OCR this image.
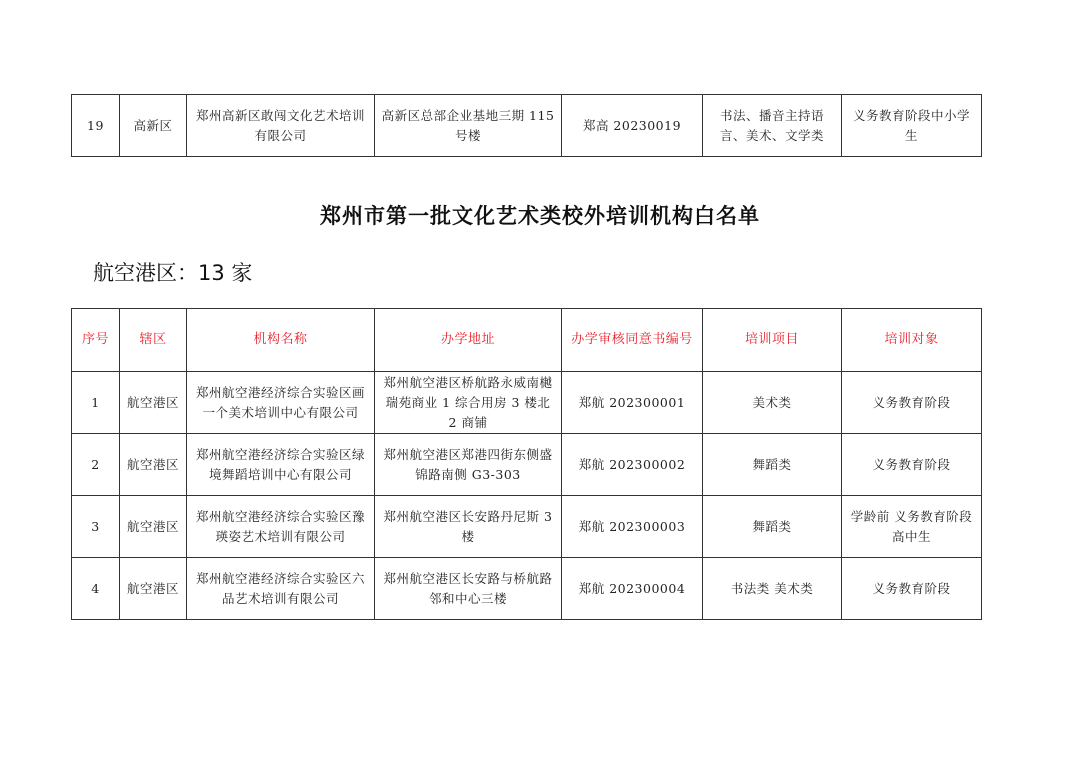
19	高新区	郑州高新区敢闯文化艺术培训有限公司	高新区总部企业基地三期 115 号楼	郑高 20230019	书法、播音主持语言、美术、文学类	义务教育阶段中小学生
郑州市第一批文化艺术类校外培训机构白名单
航空港区：13 家
序号	辖区	机构名称	办学地址	办学审核同意书编号	培训项目	培训对象
1	航空港区	郑州航空港经济综合实验区画一个美术培训中心有限公司	郑州航空港区桥航路永威南樾瑞苑商业 1 综合用房 3 楼北 2 商铺	郑航 202300001	美术类	义务教育阶段
2	航空港区	郑州航空港经济综合实验区绿境舞蹈培训中心有限公司	郑州航空港区郑港四街东侧盛锦路南侧 G3-303	郑航 202300002	舞蹈类	义务教育阶段
3	航空港区	郑州航空港经济综合实验区豫瑛姿艺术培训有限公司	郑州航空港区长安路丹尼斯 3 楼	郑航 202300003	舞蹈类	学龄前 义务教育阶段 高中生
4	航空港区	郑州航空港经济综合实验区六品艺术培训有限公司	郑州航空港区长安路与桥航路邻和中心三楼	郑航 202300004	书法类 美术类	义务教育阶段
